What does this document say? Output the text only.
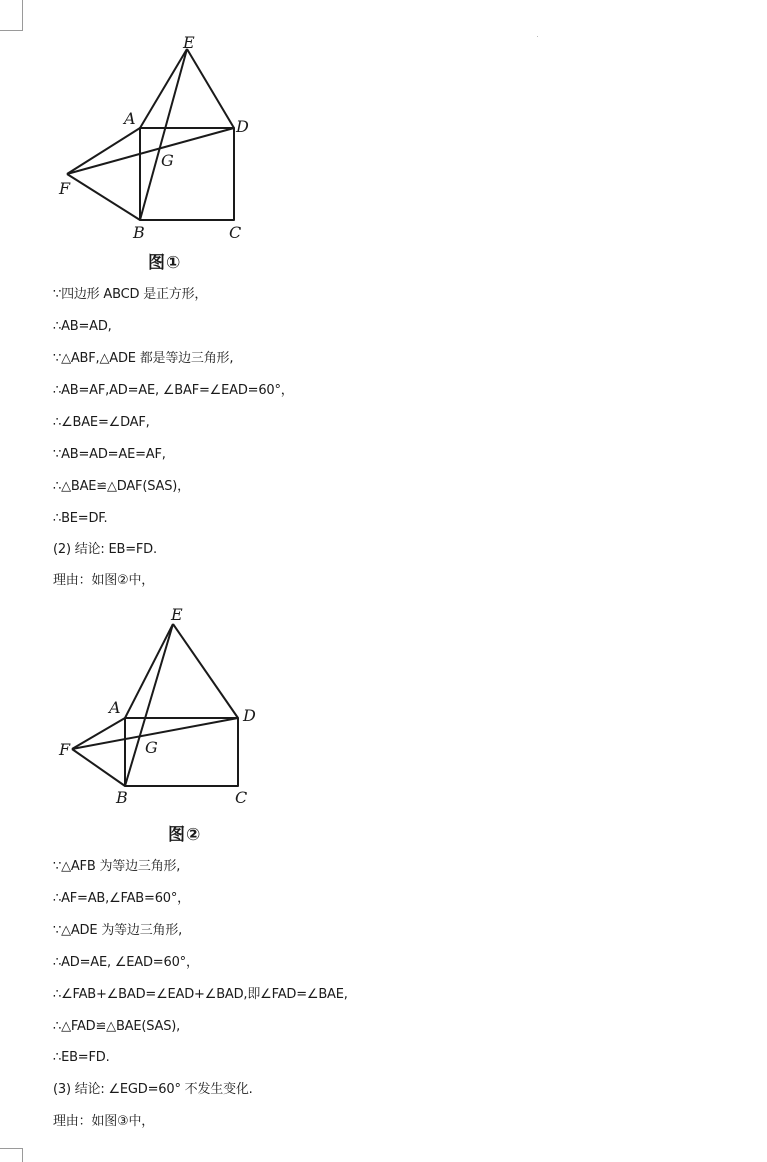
E
A	D
G
F
B	C
图①
∵四边形 ABCD 是正方形，
∴AB=AD,
∵△ABF,△ADE 都是等边三角形,
∴AB=AF,AD=AE, ∠BAF=∠EAD=60°，
∴∠BAE=∠DAF,
∵AB=AD=AE=AF,
∴△BAE≌△DAF(SAS)，
∴BE=DF.
(2) 结论: EB=FD.
理由：如图②中，
E
A	D
G
F
B	C
图②
∵△AFB 为等边三角形,
∴AF=AB,∠FAB=60°，
∵△ADE 为等边三角形,
∴AD=AE, ∠EAD=60°，
∴∠FAB+∠BAD=∠EAD+∠BAD,即∠FAD=∠BAE,
∴△FAD≌△BAE(SAS),
∴EB=FD.
(3) 结论: ∠EGD=60° 不发生变化.
理由：如图③中，
